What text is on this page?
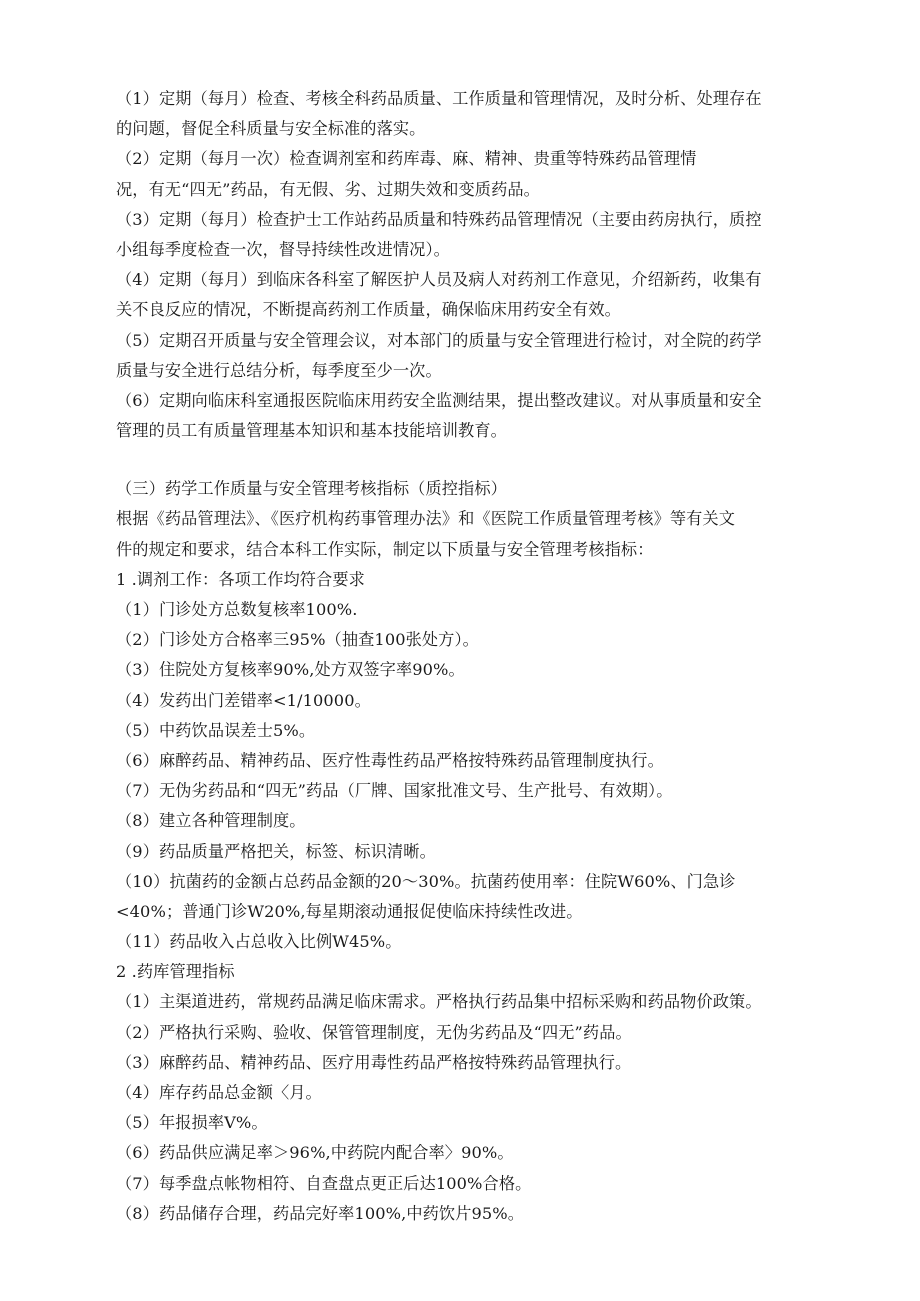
（1）定期（每月）检查、考核全科药品质量、工作质量和管理情况，及时分析、处理存在
的问题，督促全科质量与安全标准的落实。
（2）定期（每月一次）检查调剂室和药库毒、麻、精神、贵重等特殊药品管理情
况，有无“四无”药品，有无假、劣、过期失效和变质药品。
（3）定期（每月）检查护士工作站药品质量和特殊药品管理情况（主要由药房执行，质控
小组每季度检查一次，督导持续性改进情况）。
（4）定期（每月）到临床各科室了解医护人员及病人对药剂工作意见，介绍新药，收集有
关不良反应的情况，不断提高药剂工作质量，确保临床用药安全有效。
（5）定期召开质量与安全管理会议，对本部门的质量与安全管理进行检讨，对全院的药学
质量与安全进行总结分析，每季度至少一次。
（6）定期向临床科室通报医院临床用药安全监测结果，提出整改建议。对从事质量和安全
管理的员工有质量管理基本知识和基本技能培训教育。
（三）药学工作质量与安全管理考核指标（质控指标）
根据《药品管理法》、《医疗机构药事管理办法》和《医院工作质量管理考核》等有关文
件的规定和要求，结合本科工作实际，制定以下质量与安全管理考核指标：
1 .调剂工作：各项工作均符合要求
（1）门诊处方总数复核率100%.
（2）门诊处方合格率三95%（抽查100张处方）。
（3）住院处方复核率90%,处方双签字率90%。
（4）发药出门差错率<1/10000。
（5）中药饮品误差士5%。
（6）麻醉药品、精神药品、医疗性毒性药品严格按特殊药品管理制度执行。
（7）无伪劣药品和“四无”药品（厂牌、国家批准文号、生产批号、有效期）。
（8）建立各种管理制度。
（9）药品质量严格把关，标签、标识清晰。
（10）抗菌药的金额占总药品金额的20〜30%。抗菌药使用率：住院W60%、门急诊
<40%；普通门诊W20%,每星期滚动通报促使临床持续性改进。
（11）药品收入占总收入比例W45%。
2 .药库管理指标
（1）主渠道进药，常规药品满足临床需求。严格执行药品集中招标采购和药品物价政策。
（2）严格执行采购、验收、保管管理制度，无伪劣药品及“四无”药品。
（3）麻醉药品、精神药品、医疗用毒性药品严格按特殊药品管理执行。
（4）库存药品总金额〈月。
（5）年报损率V%。
（6）药品供应满足率＞96%,中药院内配合率〉90%。
（7）每季盘点帐物相符、自查盘点更正后达100%合格。
（8）药品储存合理，药品完好率100%,中药饮片95%。
